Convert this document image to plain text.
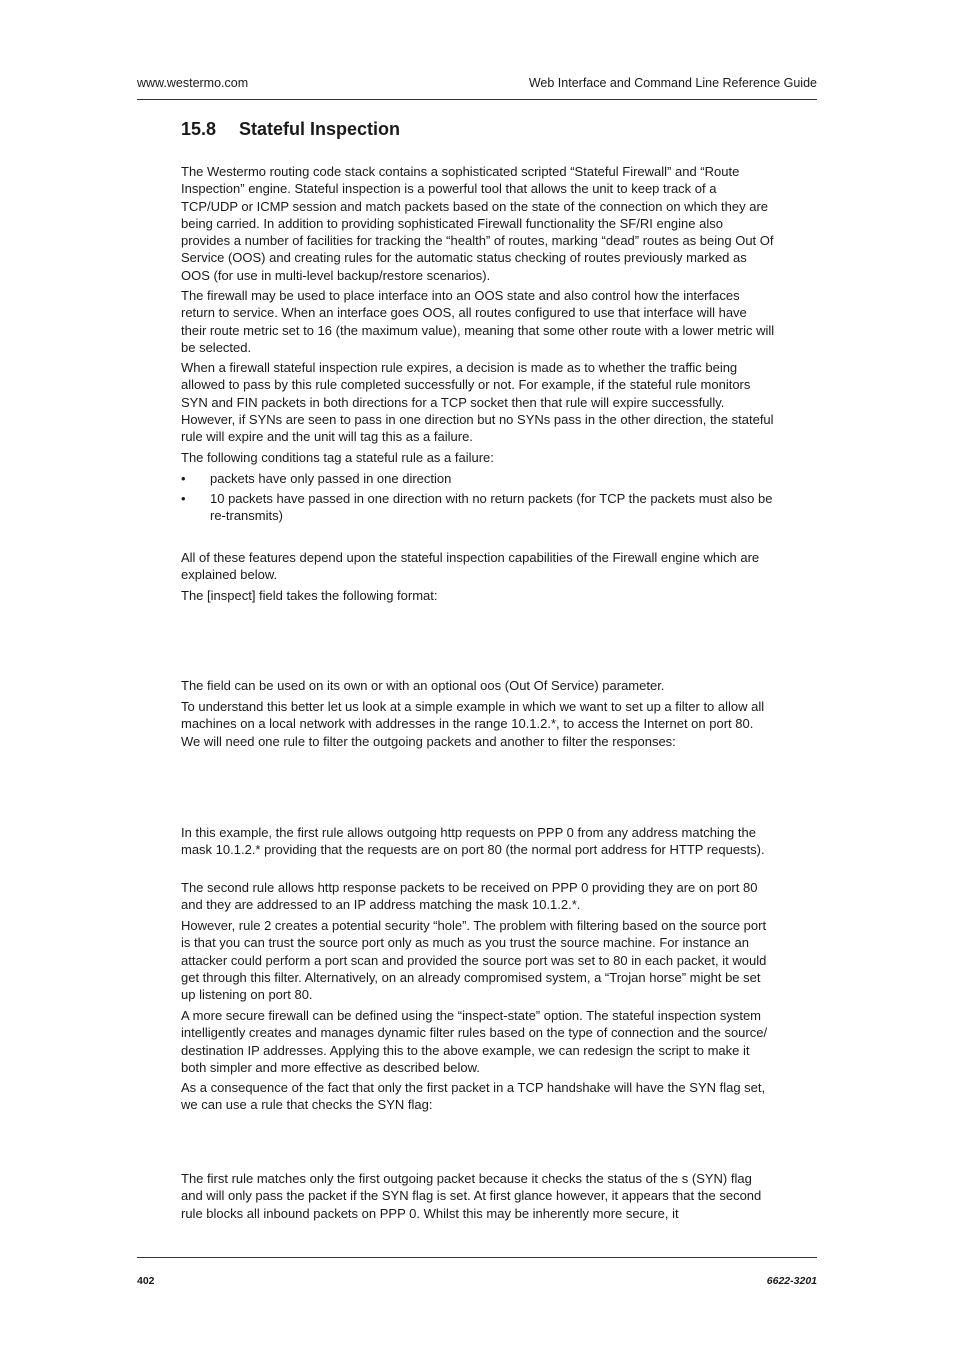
www.westermo.com	Web Interface and Command Line Reference Guide
15.8 Stateful Inspection

The Westermo routing code stack contains a sophisticated scripted “Stateful Firewall” and “Route Inspection” engine. Stateful inspection is a powerful tool that allows the unit to keep track of a TCP/UDP or ICMP session and match packets based on the state of the connection on which they are being carried. In addition to providing sophisticated Firewall functionality the SF/RI engine also provides a number of facilities for tracking the “health” of routes, marking “dead” routes as being Out Of Service (OOS) and creating rules for the automatic status checking of routes previously marked as OOS (for use in multi-level backup/restore scenarios).

The firewall may be used to place interface into an OOS state and also control how the interfaces return to service. When an interface goes OOS, all routes configured to use that interface will have their route metric set to 16 (the maximum value), meaning that some other route with a lower metric will be selected.

When a firewall stateful inspection rule expires, a decision is made as to whether the traffic being allowed to pass by this rule completed successfully or not. For example, if the stateful rule monitors SYN and FIN packets in both directions for a TCP socket then that rule will expire successfully. However, if SYNs are seen to pass in one direction but no SYNs pass in the other direction, the stateful rule will expire and the unit will tag this as a failure.

The following conditions tag a stateful rule as a failure:

• packets have only passed in one direction
• 10 packets have passed in one direction with no return packets (for TCP the packets must also be re-transmits)

All of these features depend upon the stateful inspection capabilities of the Firewall engine which are explained below.

The [inspect] field takes the following format:

The field can be used on its own or with an optional oos (Out Of Service) parameter.

To understand this better let us look at a simple example in which we want to set up a filter to allow all machines on a local network with addresses in the range 10.1.2.*, to access the Internet on port 80. We will need one rule to filter the outgoing packets and another to filter the responses:

In this example, the first rule allows outgoing http requests on PPP 0 from any address matching the mask 10.1.2.* providing that the requests are on port 80 (the normal port address for HTTP requests).

The second rule allows http response packets to be received on PPP 0 providing they are on port 80 and they are addressed to an IP address matching the mask 10.1.2.*.

However, rule 2 creates a potential security “hole”. The problem with filtering based on the source port is that you can trust the source port only as much as you trust the source machine. For instance an attacker could perform a port scan and provided the source port was set to 80 in each packet, it would get through this filter. Alternatively, on an already compromised system, a “Trojan horse” might be set up listening on port 80.

A more secure firewall can be defined using the “inspect-state” option. The stateful inspection system intelligently creates and manages dynamic filter rules based on the type of connection and the source/ destination IP addresses. Applying this to the above example, we can redesign the script to make it both simpler and more effective as described below.

As a consequence of the fact that only the first packet in a TCP handshake will have the SYN flag set, we can use a rule that checks the SYN flag:

The first rule matches only the first outgoing packet because it checks the status of the s (SYN) flag and will only pass the packet if the SYN flag is set. At first glance however, it appears that the second rule blocks all inbound packets on PPP 0. Whilst this may be inherently more secure, it

402	6622-3201
